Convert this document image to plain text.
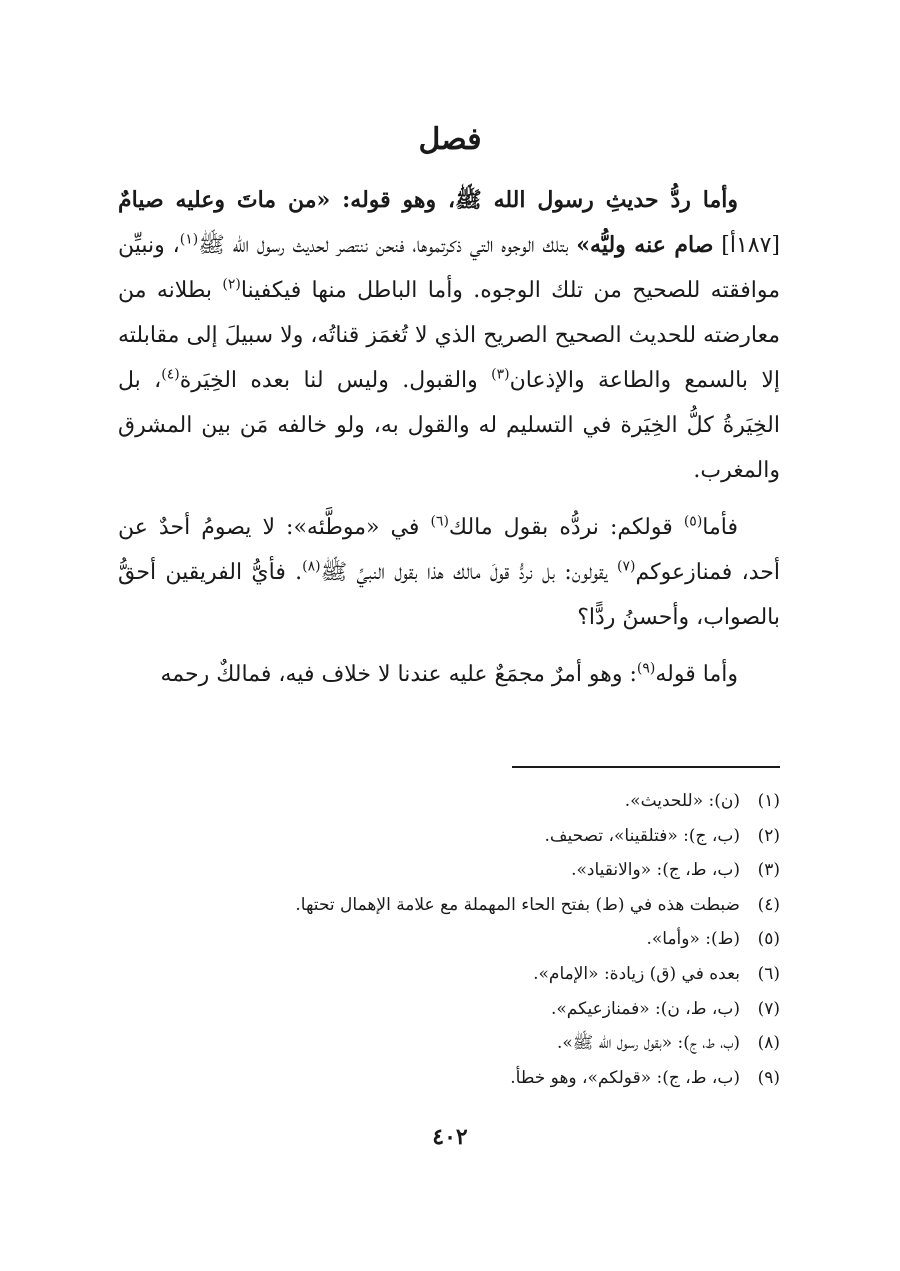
فصل

وأما ردُّ حديثِ رسول الله ﷺ، وهو قوله: «من ماتَ وعليه صيامٌ [١٨٧أ] صام عنه وليُّه» بتلك الوجوه التي ذكرتموها، فنحن ننتصر لحديث رسول الله ﷺ$^{(١)}$، ونبيِّن موافقته للصحيح من تلك الوجوه. وأما الباطل منها فيكفينا$^{(٢)}$ بطلانه من معارضته للحديث الصحيح الصريح الذي لا تُغمَز قناتُه، ولا سبيلَ إلى مقابلته إلا بالسمع والطاعة والإذعان$^{(٣)}$ والقبول. وليس لنا بعده الخِيَرة$^{(٤)}$، بل الخِيَرةُ كلُّ الخِيَرة في التسليم له والقول به، ولو خالفه مَن بين المشرق والمغرب.

فأما$^{(٥)}$ قولكم: نردُّه بقول مالك$^{(٦)}$ في «موطَّئه»: لا يصومُ أحدٌ عن أحد، فمنازعوكم$^{(٧)}$ يقولون: بل نردُّ قولَ مالك هذا بقول النبيِّ ﷺ$^{(٨)}$. فأيُّ الفريقين أحقُّ بالصواب، وأحسنُ ردًّا؟

وأما قوله$^{(٩)}$: وهو أمرٌ مجمَعٌ عليه عندنا لا خلاف فيه، فمالكٌ رحمه

(١)
(ن): «للحديث».
(٢)
(ب، ج): «فتلقينا»، تصحيف.
(٣)
(ب، ط، ج): «والانقياد».
(٤)
ضبطت هذه في (ط) بفتح الحاء المهملة مع علامة الإهمال تحتها.
(٥)
(ط): «وأما».
(٦)
بعده في (ق) زيادة: «الإمام».
(٧)
(ب، ط، ن): «فمنازعيكم».
(٨)
(ب، ط، ج): «بقول رسول الله ﷺ».
(٩)
(ب، ط، ج): «قولكم»، وهو خطأ.
٤٠٢
